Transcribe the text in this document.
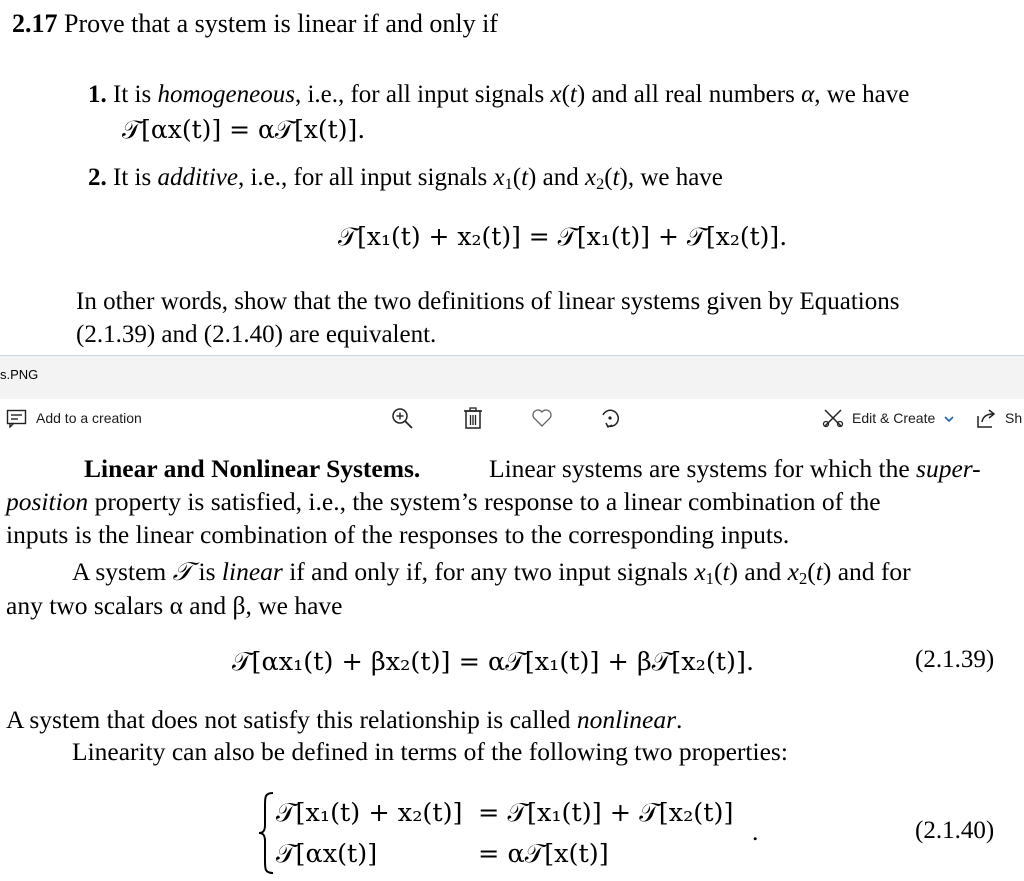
2.17 Prove that a system is linear if and only if
1. It is homogeneous, i.e., for all input signals x(t) and all real numbers α, we have
𝒯[αx(t)] = α𝒯[x(t)].
2. It is additive, i.e., for all input signals $x_1(t)$ and $x_2(t)$, we have
𝒯[x₁(t) + x₂(t)] = 𝒯[x₁(t)] + 𝒯[x₂(t)].
In other words, show that the two definitions of linear systems given by Equations
(2.1.39) and (2.1.40) are equivalent.
s.PNG
Add to a creation	Edit & Create	Sh
Linear and Nonlinear Systems.	Linear systems are systems for which the super-
position property is satisfied, i.e., the system’s response to a linear combination of the
inputs is the linear combination of the responses to the corresponding inputs.
A system 𝒯 is linear if and only if, for any two input signals $x_1(t)$ and $x_2(t)$ and for
any two scalars α and β, we have
𝒯[αx₁(t) + βx₂(t)] = α𝒯[x₁(t)] + β𝒯[x₂(t)].	(2.1.39)
A system that does not satisfy this relationship is called nonlinear.
Linearity can also be defined in terms of the following two properties:
𝒯[x₁(t) + x₂(t)] = 𝒯[x₁(t)] + 𝒯[x₂(t)]
𝒯[αx(t)]	= α𝒯[x(t)]
.	(2.1.40)
